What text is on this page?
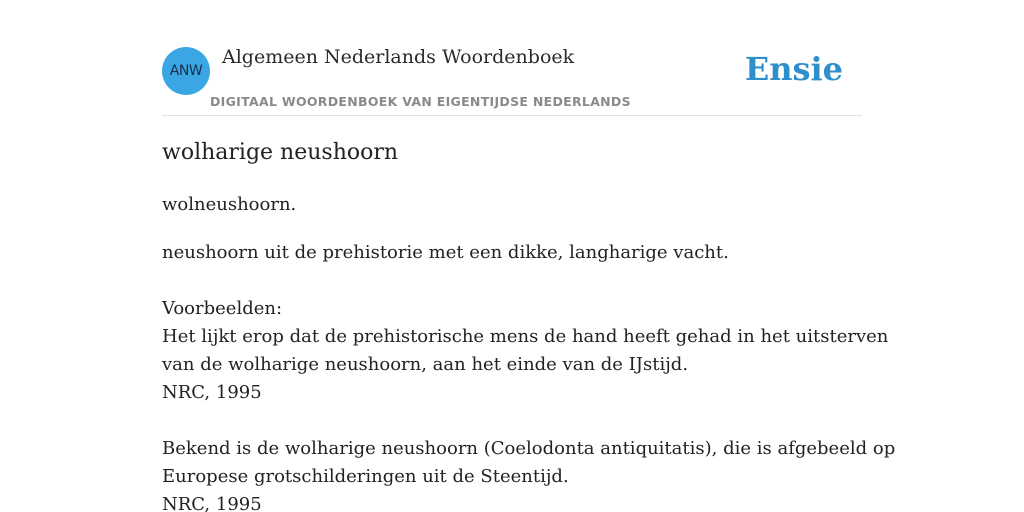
ANW
Algemeen Nederlands Woordenboek
DIGITAAL WOORDENBOEK VAN EIGENTIJDSE NEDERLANDS
Ensie
wolharige neushoorn
wolneushoorn.
neushoorn uit de prehistorie met een dikke, langharige vacht.
Voorbeelden:
Het lijkt erop dat de prehistorische mens de hand heeft gehad in het uitsterven
van de wolharige neushoorn, aan het einde van de IJstijd.
NRC, 1995
Bekend is de wolharige neushoorn (Coelodonta antiquitatis), die is afgebeeld op
Europese grotschilderingen uit de Steentijd.
NRC, 1995
